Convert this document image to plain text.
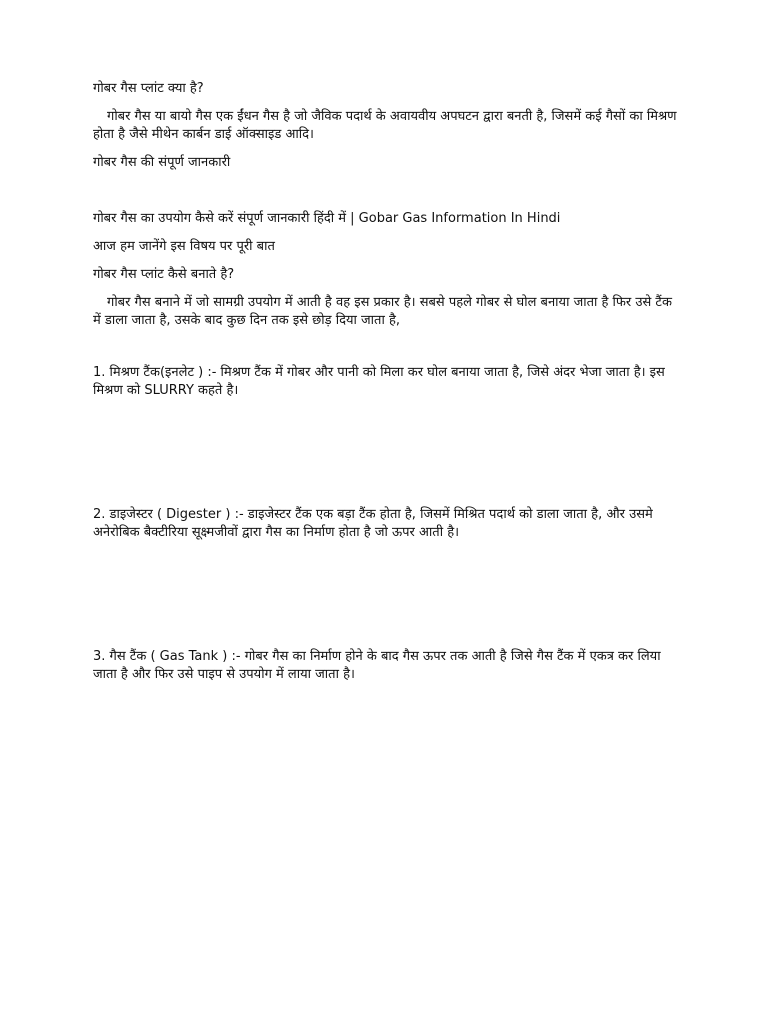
गोबर गैस प्लांट क्या है?

गोबर गैस या बायो गैस एक ईंधन गैस है जो जैविक पदार्थ के अवायवीय अपघटन द्वारा बनती है, जिसमें कई गैसों का मिश्रण होता है जैसे मीथेन कार्बन डाई ऑक्साइड आदि।

गोबर गैस की संपूर्ण जानकारी

गोबर गैस का उपयोग कैसे करें संपूर्ण जानकारी हिंदी में | Gobar Gas Information In Hindi

आज हम जानेंगे इस विषय पर पूरी बात

गोबर गैस प्लांट कैसे बनाते है?

गोबर गैस बनाने में जो सामग्री उपयोग में आती है वह इस प्रकार है। सबसे पहले गोबर से घोल बनाया जाता है फिर उसे टैंक में डाला जाता है, उसके बाद कुछ दिन तक इसे छोड़ दिया जाता है,

1. मिश्रण टैंक(इनलेट ) :- मिश्रण टैंक में गोबर और पानी को मिला कर घोल बनाया जाता है, जिसे अंदर भेजा जाता है। इस मिश्रण को SLURRY कहते है।

2. डाइजेस्टर ( Digester ) :- डाइजेस्टर टैंक एक बड़ा टैंक होता है, जिसमें मिश्रित पदार्थ को डाला जाता है, और उसमे अनेरोबिक बैक्टीरिया सूक्ष्मजीवों द्वारा गैस का निर्माण होता है जो ऊपर आती है।

3. गैस टैंक ( Gas Tank ) :- गोबर गैस का निर्माण होने के बाद गैस ऊपर तक आती है जिसे गैस टैंक में एकत्र कर लिया जाता है और फिर उसे पाइप से उपयोग में लाया जाता है।
